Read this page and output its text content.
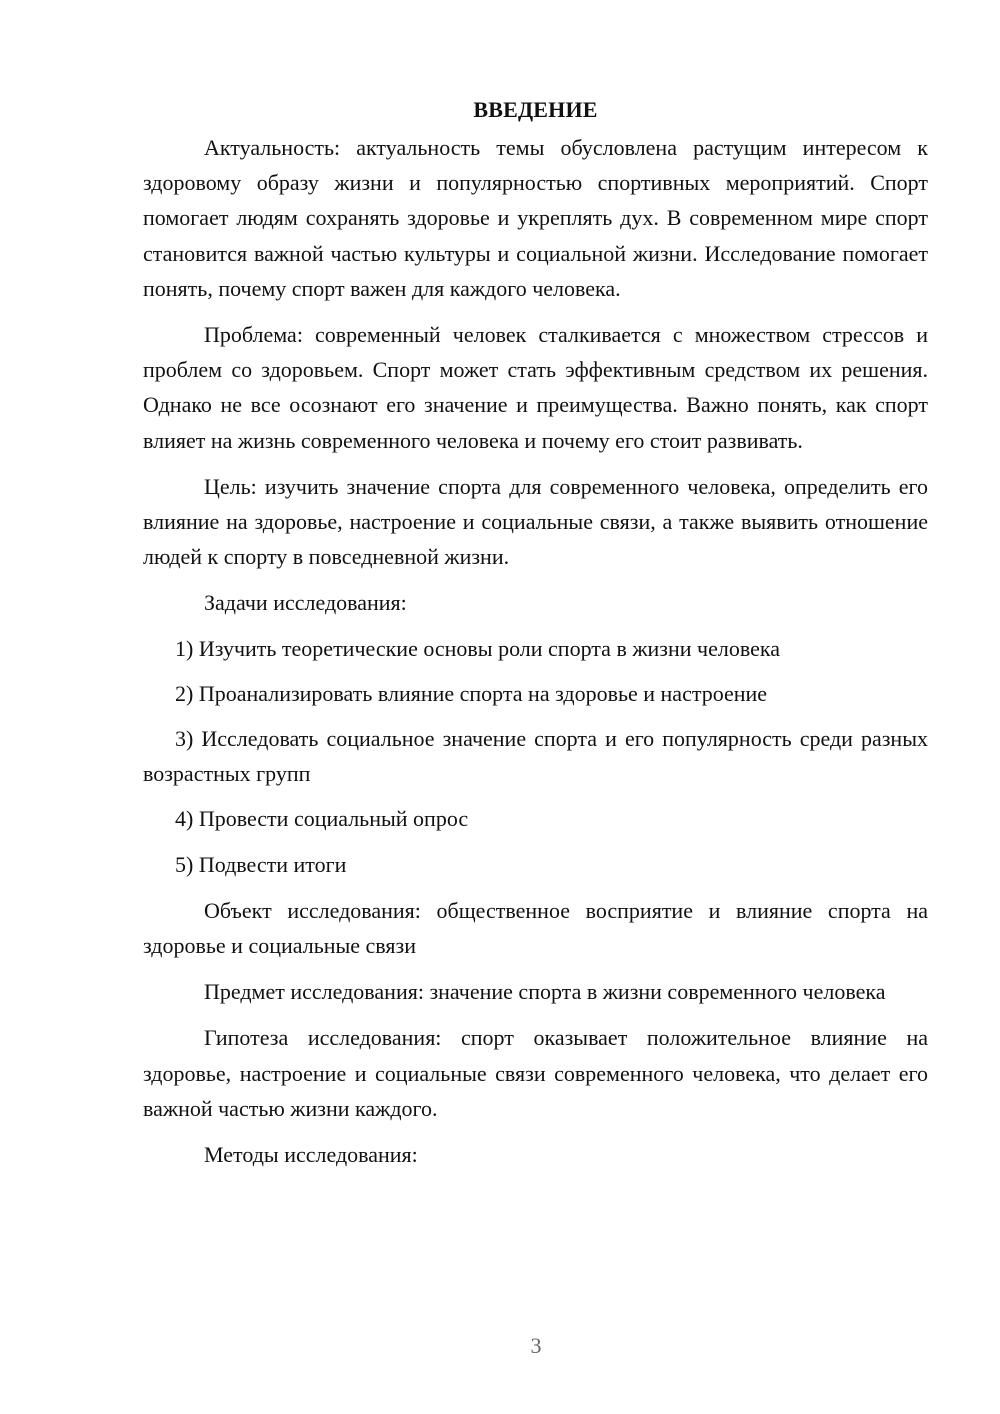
ВВЕДЕНИЕ

Актуальность: актуальность темы обусловлена растущим интересом к здоровому образу жизни и популярностью спортивных мероприятий. Спорт помогает людям сохранять здоровье и укреплять дух. В современном мире спорт становится важной частью культуры и социальной жизни. Исследование помогает понять, почему спорт важен для каждого человека.

Проблема: современный человек сталкивается с множеством стрессов и проблем со здоровьем. Спорт может стать эффективным средством их решения. Однако не все осознают его значение и преимущества. Важно понять, как спорт влияет на жизнь современного человека и почему его стоит развивать.

Цель: изучить значение спорта для современного человека, определить его влияние на здоровье, настроение и социальные связи, а также выявить отношение людей к спорту в повседневной жизни.

Задачи исследования:

1) Изучить теоретические основы роли спорта в жизни человека

2) Проанализировать влияние спорта на здоровье и настроение

3) Исследовать социальное значение спорта и его популярность среди разных возрастных групп

4) Провести социальный опрос

5) Подвести итоги

Объект исследования: общественное восприятие и влияние спорта на здоровье и социальные связи

Предмет исследования: значение спорта в жизни современного человека

Гипотеза исследования: спорт оказывает положительное влияние на здоровье, настроение и социальные связи современного человека, что делает его важной частью жизни каждого.

Методы исследования:

3
